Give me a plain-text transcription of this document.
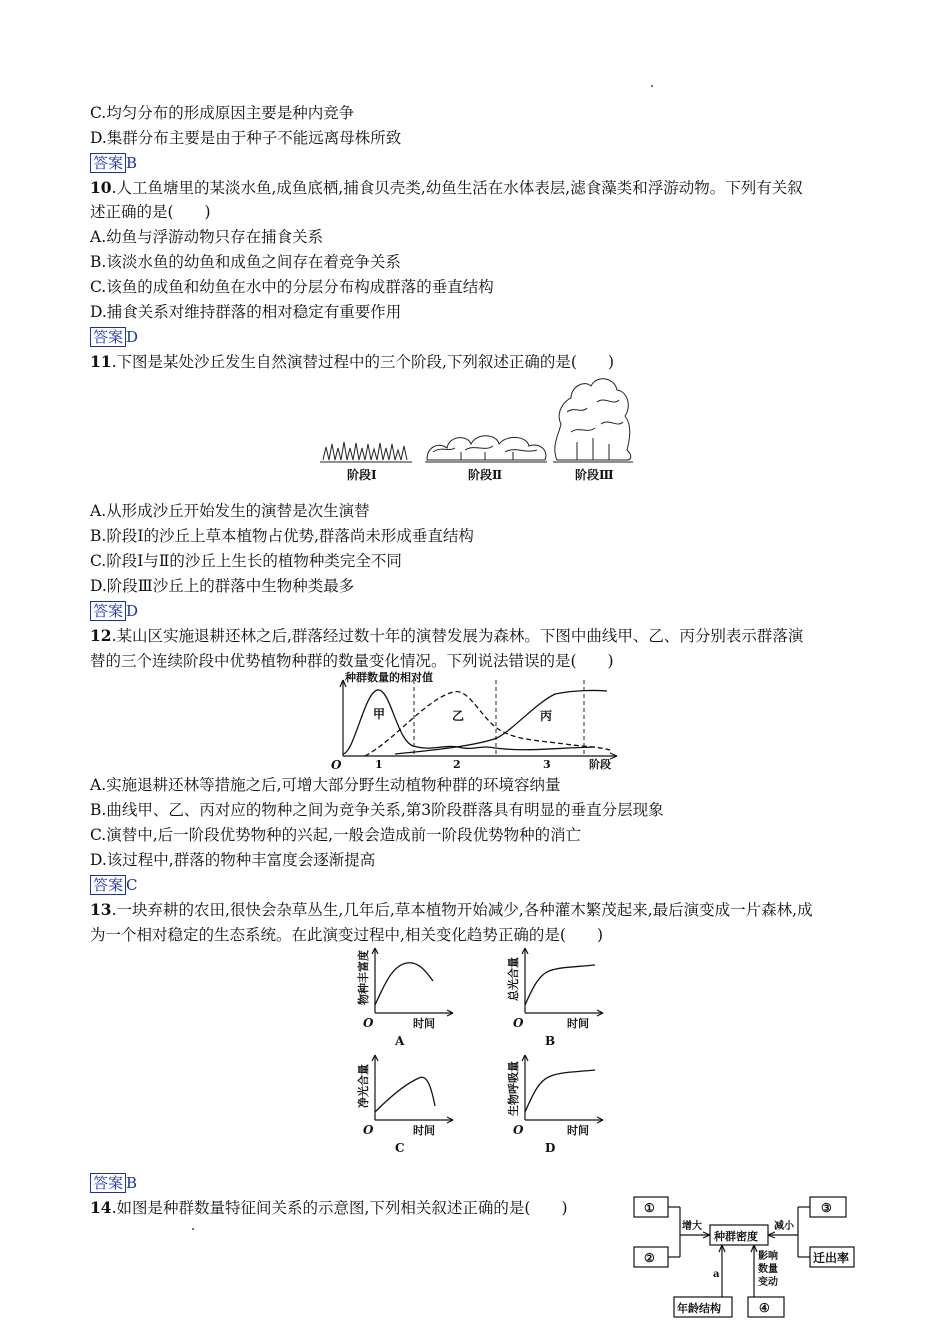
C.均匀分布的形成原因主要是种内竞争
D.集群分布主要是由于种子不能远离母株所致
答案 B
10.人工鱼塘里的某淡水鱼,成鱼底栖,捕食贝壳类,幼鱼生活在水体表层,滤食藻类和浮游动物。下列有关叙
述正确的是(　　)
A.幼鱼与浮游动物只存在捕食关系
B.该淡水鱼的幼鱼和成鱼之间存在着竞争关系
C.该鱼的成鱼和幼鱼在水中的分层分布构成群落的垂直结构
D.捕食关系对维持群落的相对稳定有重要作用
答案 D
11.下图是某处沙丘发生自然演替过程中的三个阶段,下列叙述正确的是(　　)
阶段Ⅰ	阶段Ⅱ	阶段Ⅲ
A.从形成沙丘开始发生的演替是次生演替
B.阶段Ⅰ的沙丘上草本植物占优势,群落尚未形成垂直结构
C.阶段Ⅰ与Ⅱ的沙丘上生长的植物种类完全不同
D.阶段Ⅲ沙丘上的群落中生物种类最多
答案 D
12.某山区实施退耕还林之后,群落经过数十年的演替发展为森林。下图中曲线甲、乙、丙分别表示群落演
替的三个连续阶段中优势植物种群的数量变化情况。下列说法错误的是(　　)
种群数量的相对值
阶段
O	1	2	3
甲	乙	丙
A.实施退耕还林等措施之后,可增大部分野生动植物种群的环境容纳量
B.曲线甲、乙、丙对应的物种之间为竞争关系,第3阶段群落具有明显的垂直分层现象
C.演替中,后一阶段优势物种的兴起,一般会造成前一阶段优势物种的消亡
D.该过程中,群落的物种丰富度会逐渐提高
答案 C
13.一块弃耕的农田,很快会杂草丛生,几年后,草本植物开始减少,各种灌木繁茂起来,最后演变成一片森林,成
为一个相对稳定的生态系统。在此演变过程中,相关变化趋势正确的是(　　)
O	时间
A
物种丰富度
O	时间
B
总光合量
O	时间
C
净光合量
O	时间
D
生物呼吸量
答案 B
14.如图是种群数量特征间关系的示意图,下列相关叙述正确的是(　　)	①
②
③
迁出率
种群密度
年龄结构	④
增大	减小
a
影响
数量
变动
